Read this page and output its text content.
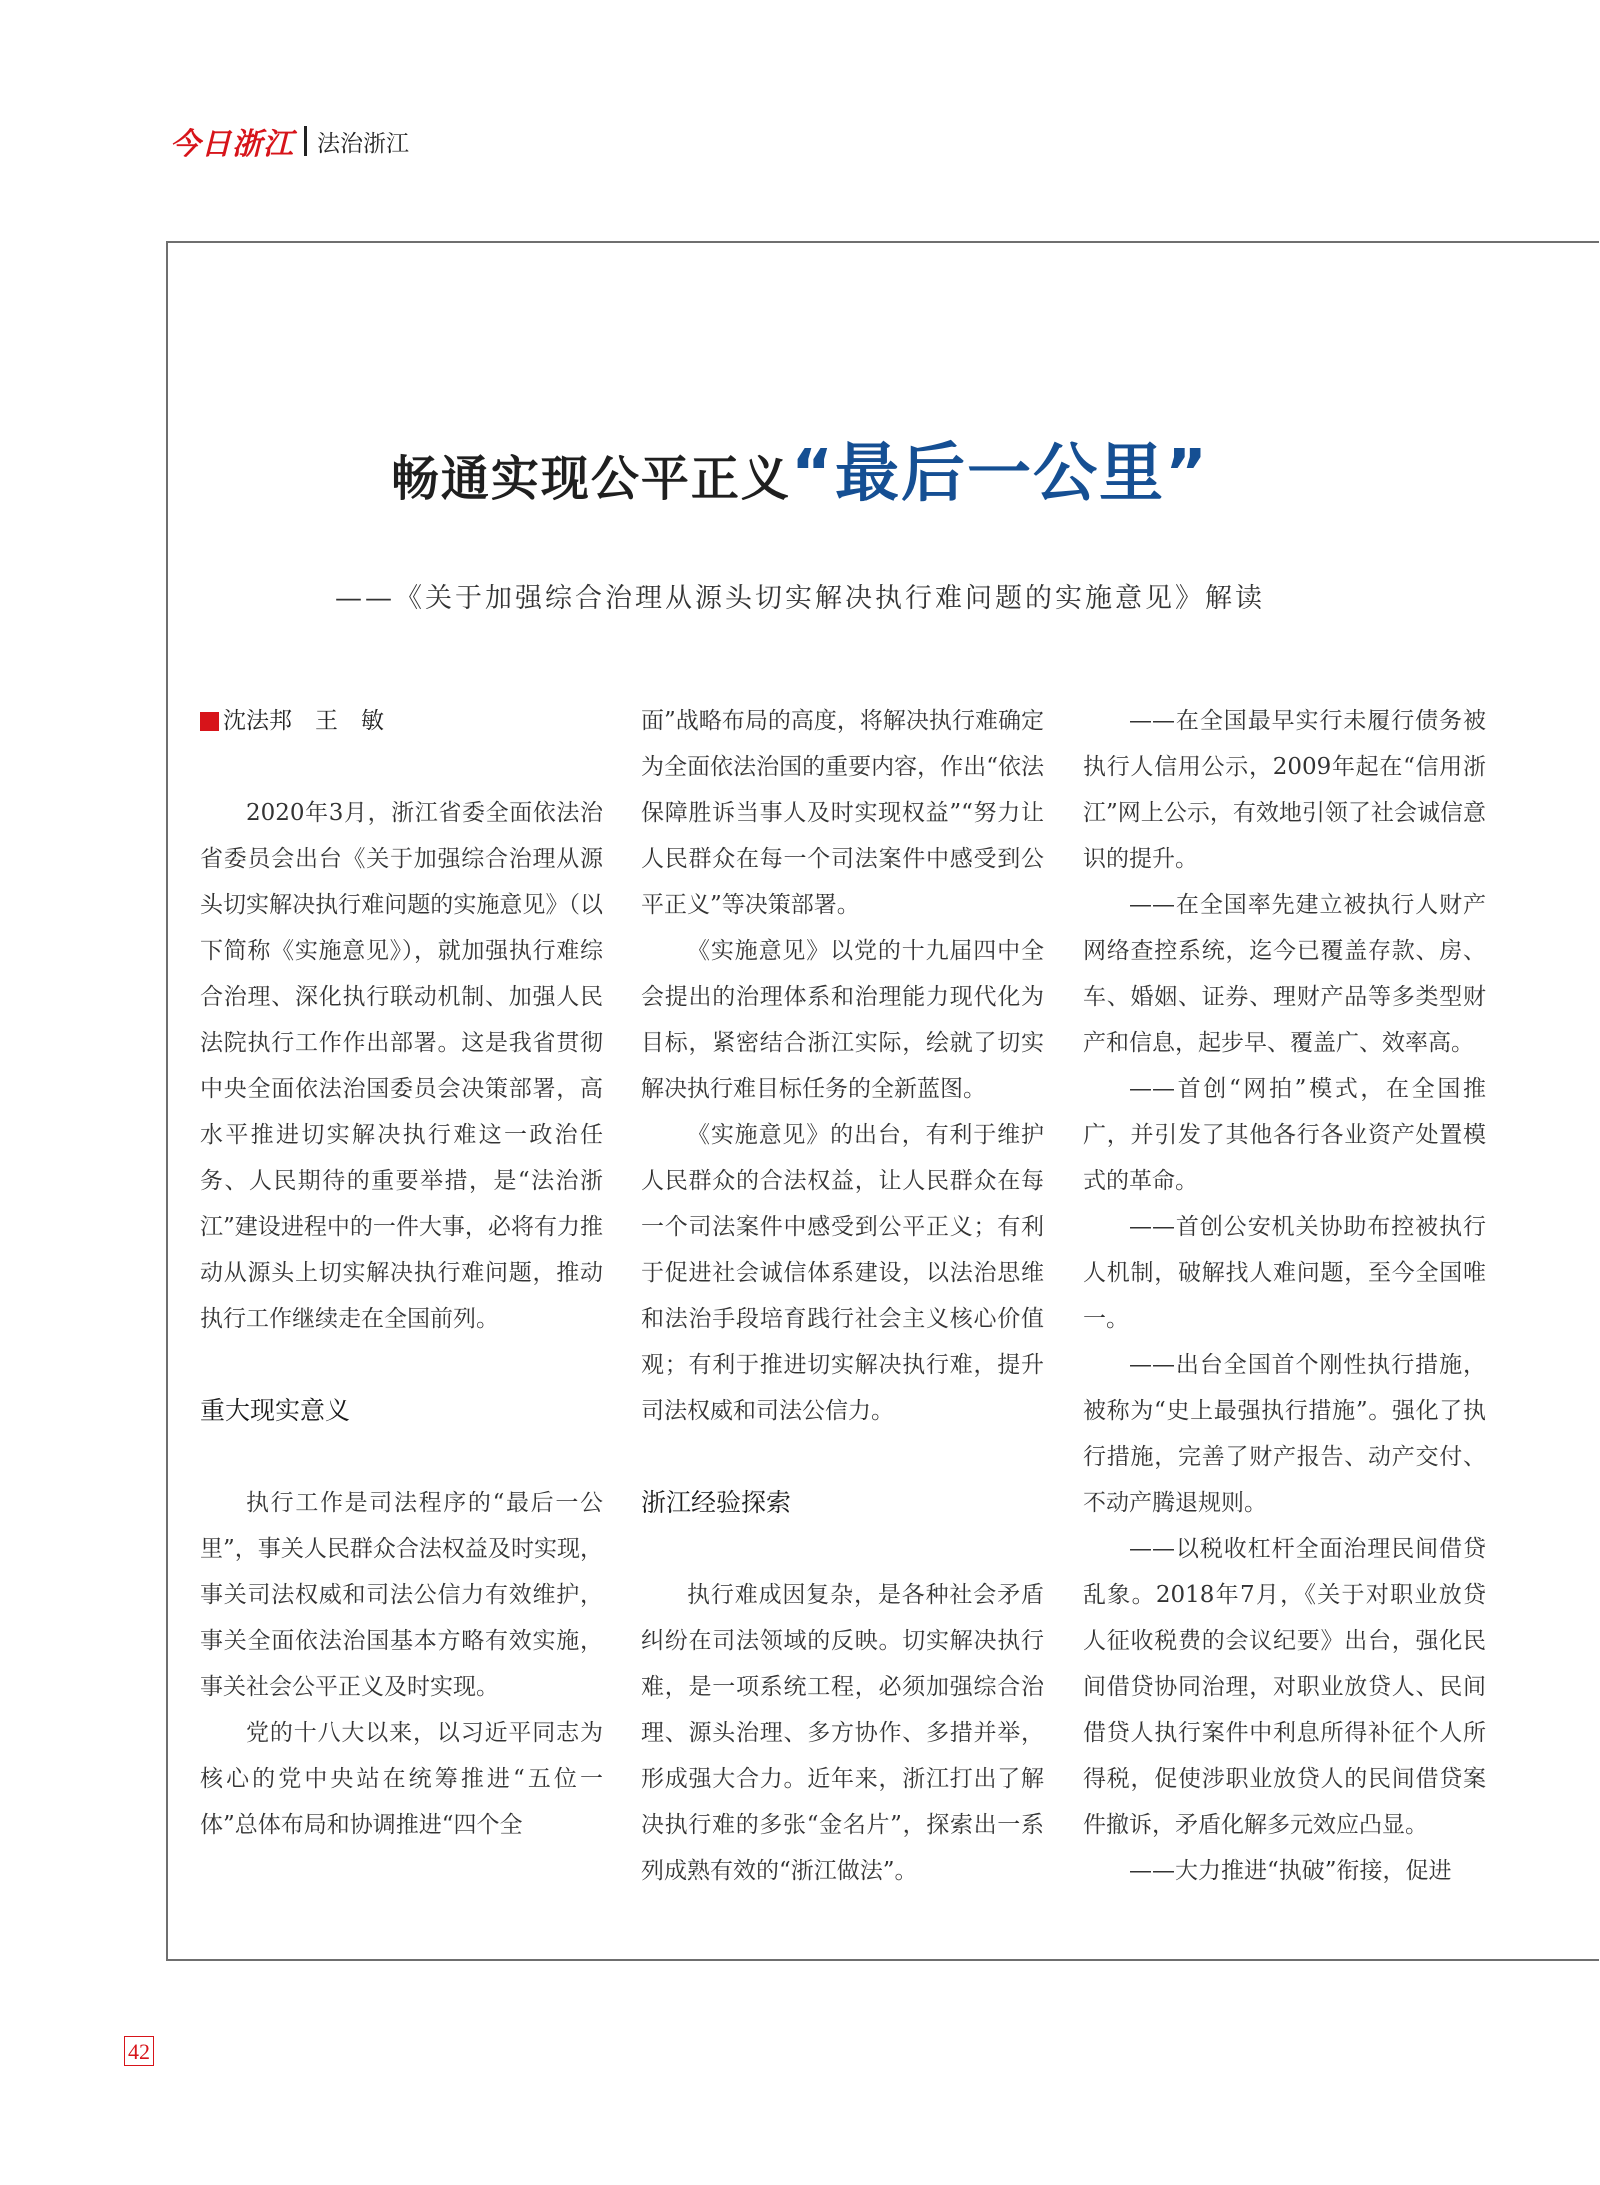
今日浙江 法治浙江
畅通实现公平正义“最后一公里”
——《关于加强综合治理从源头切实解决执行难问题的实施意见》解读
沈法邦　王　敏

2020年3月，浙江省委全面依法治省委员会出台《关于加强综合治理从源头切实解决执行难问题的实施意见》（以下简称《实施意见》），就加强执行难综合治理、深化执行联动机制、加强人民法院执行工作作出部署。这是我省贯彻中央全面依法治国委员会决策部署，高水平推进切实解决执行难这一政治任务、人民期待的重要举措，是“法治浙江”建设进程中的一件大事，必将有力推动从源头上切实解决执行难问题，推动执行工作继续走在全国前列。

重大现实意义

执行工作是司法程序的“最后一公里”，事关人民群众合法权益及时实现，事关司法权威和司法公信力有效维护，事关全面依法治国基本方略有效实施，事关社会公平正义及时实现。

党的十八大以来，以习近平同志为核心的党中央站在统筹推进“五位一体”总体布局和协调推进“四个全

面”战略布局的高度，将解决执行难确定为全面依法治国的重要内容，作出“依法保障胜诉当事人及时实现权益”“努力让人民群众在每一个司法案件中感受到公平正义”等决策部署。

《实施意见》以党的十九届四中全会提出的治理体系和治理能力现代化为目标，紧密结合浙江实际，绘就了切实解决执行难目标任务的全新蓝图。

《实施意见》的出台，有利于维护人民群众的合法权益，让人民群众在每一个司法案件中感受到公平正义；有利于促进社会诚信体系建设，以法治思维和法治手段培育践行社会主义核心价值观；有利于推进切实解决执行难，提升司法权威和司法公信力。

浙江经验探索

执行难成因复杂，是各种社会矛盾纠纷在司法领域的反映。切实解决执行难，是一项系统工程，必须加强综合治理、源头治理、多方协作、多措并举，形成强大合力。近年来，浙江打出了解决执行难的多张“金名片”，探索出一系列成熟有效的“浙江做法”。

——在全国最早实行未履行债务被执行人信用公示，2009年起在“信用浙江”网上公示，有效地引领了社会诚信意识的提升。

——在全国率先建立被执行人财产网络查控系统，迄今已覆盖存款、房、车、婚姻、证券、理财产品等多类型财产和信息，起步早、覆盖广、效率高。

——首创“网拍”模式，在全国推广，并引发了其他各行各业资产处置模式的革命。

——首创公安机关协助布控被执行人机制，破解找人难问题，至今全国唯一。

——出台全国首个刚性执行措施，被称为“史上最强执行措施”。强化了执行措施，完善了财产报告、动产交付、不动产腾退规则。

——以税收杠杆全面治理民间借贷乱象。2018年7月，《关于对职业放贷人征收税费的会议纪要》出台，强化民间借贷协同治理，对职业放贷人、民间借贷人执行案件中利息所得补征个人所得税，促使涉职业放贷人的民间借贷案件撤诉，矛盾化解多元效应凸显。

——大力推进“执破”衔接，促进

42
